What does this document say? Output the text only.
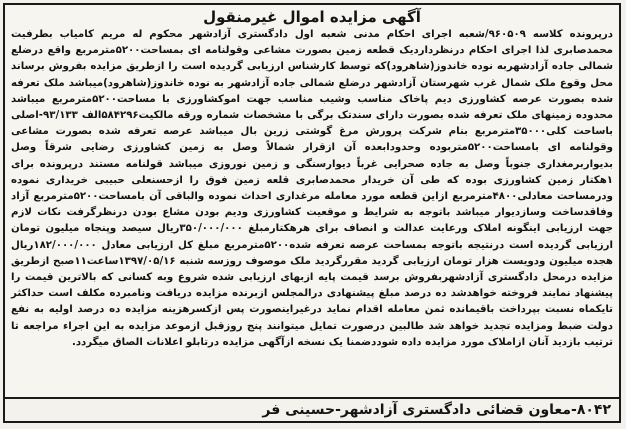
آگهی مزایده اموال غیرمنقول

درپرونده کلاسه ۹۶۰۵۰۹/شعبه اجرای احکام مدنی شعبه اول دادگستری آزادشهر محکوم له مریم کامیاب بطرفیت محمدصابری لذا اجرای احکام درنظرداردیک قطعه زمین بصورت مشاعی وقولنامه ای بمساحت۵۲۰۰مترمربع واقع درضلع شمالی جاده آزادشهربه نوده خاندوز(شاهرود)که توسط کارشناس ارزیابی گردیده است را ازطریق مزایده بفروش برساند محل وقوع ملک شمال غرب شهرستان آزادشهر درضلع شمالی جاده آزادشهر به نوده خاندوز(شاهرود)میباشد ملک تعرفه شده بصورت عرصه کشاورزی دیم پاخاک مناسب وشیب مناسب جهت اموکشاورزی با مساحت۵۲۰۰مترمربع میباشد محدوده زمینهای ملک تعرفه شده بصورت دارای سندتک برگی با مشخصات شماره ورقه مالکیت۵۸۴۲۹۶الف ۹۳/۱۳۳-اصلی باساحت کلی۳۵۰۰۰مترمربع بنام شرکت پرورش مرغ گوشتی زرین بال میباشد عرصه تعرفه شده بصورت مشاعی وقولنامه ای بامساحت۵۲۰۰متربوده وحدودابعده آن ازقرار شمالاً وصل به زمین کشاورزی رضایی شرقاً وصل بدیواربرمغداری جنوباً وصل به جاده صحرایی غرباً دیوارسنگی و زمین نوروزی میباشد قولنامه مستند درپرونده برای ۱هکتار زمین کشاورزی بوده که طی آن خریدار محمدصابری قلعه زمین فوق را ازحسنعلی حبیبی خریداری نموده ودرمساحت معادلی۴۸۰۰مترمربع ازاین قطعه مورد معامله مرغداری احداث نموده والباقی آن بامساحت۵۲۰۰مترمربع آزاد وفاقدساخت وسازدیوار میباشد باتوجه به شرایط و موقعیت کشاورزی ودیم بودن مشاع بودن درنظرگرفت نکات لازم جهت ارزیابی اینگونه املاک ورعایت عدالت و انصاف برای هرهکتارمبلغ ۳۵۰/۰۰۰/۰۰۰ریال سیصد وپنجاه میلیون تومان ارزیابی گردیده است درنتیجه باتوجه بمساحت عرصه تعرفه شده۵۲۰۰مترمربع مبلغ کل ارزیابی معادل ۱۸۲/۰۰۰/۰۰۰ریال هجده میلیون ودویست هزار تومان ارزیابی گردید مقررگردید ملک موصوف روزسه شنبه ۱۳۹۷/۰۵/۱۶ساعت۱۱صبح ازطریق مزایده درمحل دادگستری آزادشهربفروش برسد قیمت پایه ازبهای ارزیابی شده شروع وبه کسانی که بالاترین قیمت را پیشنهاد نمایند فروخته خواهدشد ده درصد مبلغ پیشنهادی درالمجلس ازبرنده مزایده دریافت ونامبرده مکلف است حداکثر تایکماه نسبت بپرداخت باقیمانده ثمن معامله اقدام نماید درغیراینصورت پس ازکسرهزینه مزایده ده درصد اولیه به نفع دولت ضبط ومزایده تجدید خواهد شد طالبین درصورت تمایل میتوانند پنج روزقبل ازموعد مزایده به این اجراء مراجعه تا ترتیب بازدید آنان ازاملاک مورد مزایده داده شوددضمنا یک نسخه ازآگهی مزایده درتابلو اعلانات الصاق میگردد.

۸۰۴۲-معاون قضائی دادگستری آزادشهر-حسینی فر
